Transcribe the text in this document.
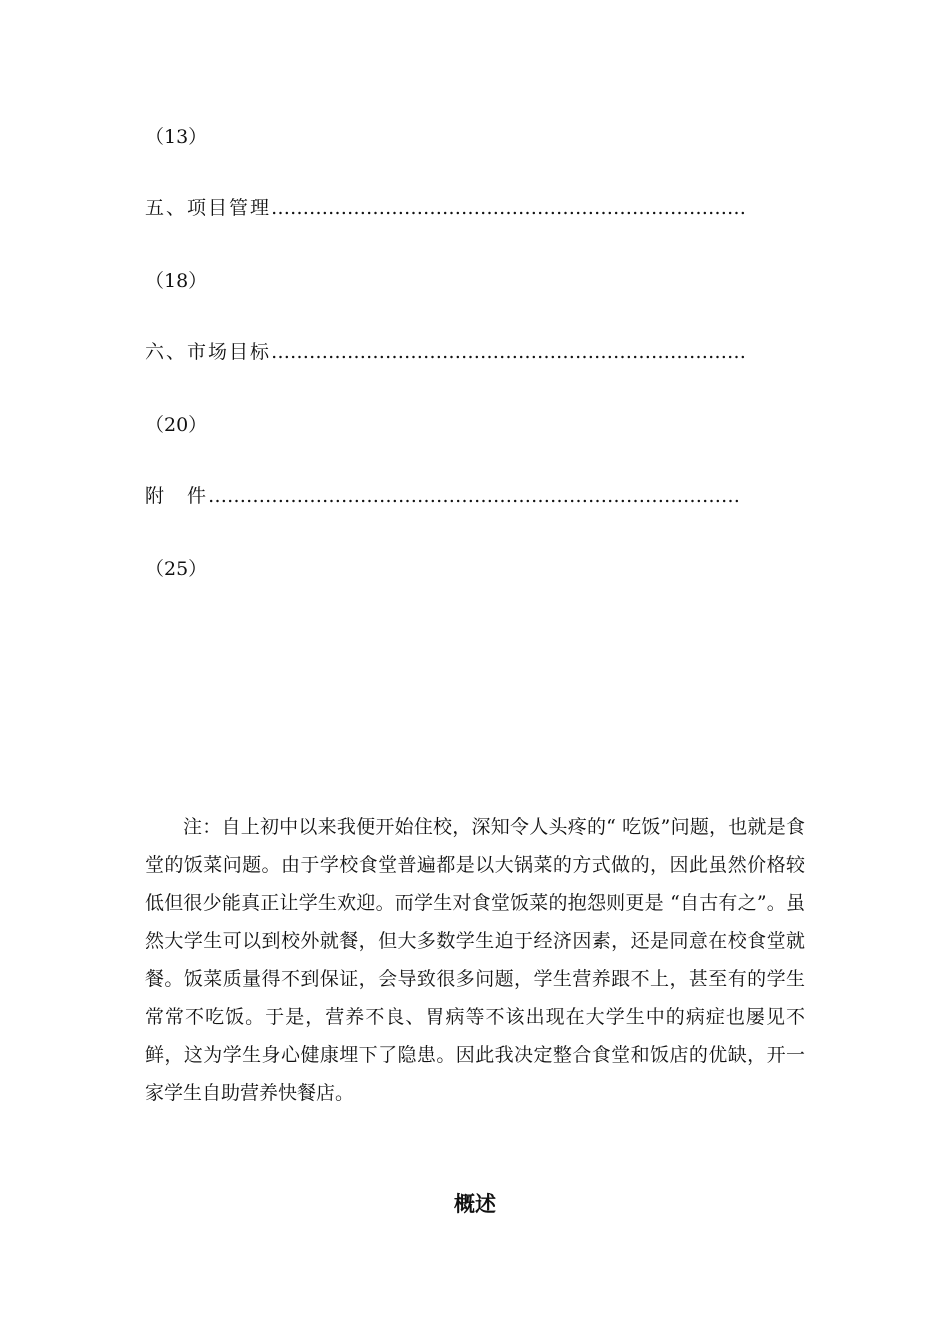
（13）
五、项目管理…………………………………………………………………
（18）
六、市场目标…………………………………………………………………
（20）
附　件…………………………………………………………………………
（25）

注：自上初中以来我便开始住校，深知令人头疼的“ 吃饭”问题，也就是食堂的饭菜问题。由于学校食堂普遍都是以大锅菜的方式做的，因此虽然价格较低但很少能真正让学生欢迎。而学生对食堂饭菜的抱怨则更是 “自古有之”。虽然大学生可以到校外就餐，但大多数学生迫于经济因素，还是同意在校食堂就餐。饭菜质量得不到保证，会导致很多问题，学生营养跟不上，甚至有的学生常常不吃饭。于是，营养不良、胃病等不该出现在大学生中的病症也屡见不鲜，这为学生身心健康埋下了隐患。因此我决定整合食堂和饭店的优缺，开一家学生自助营养快餐店。

概述
